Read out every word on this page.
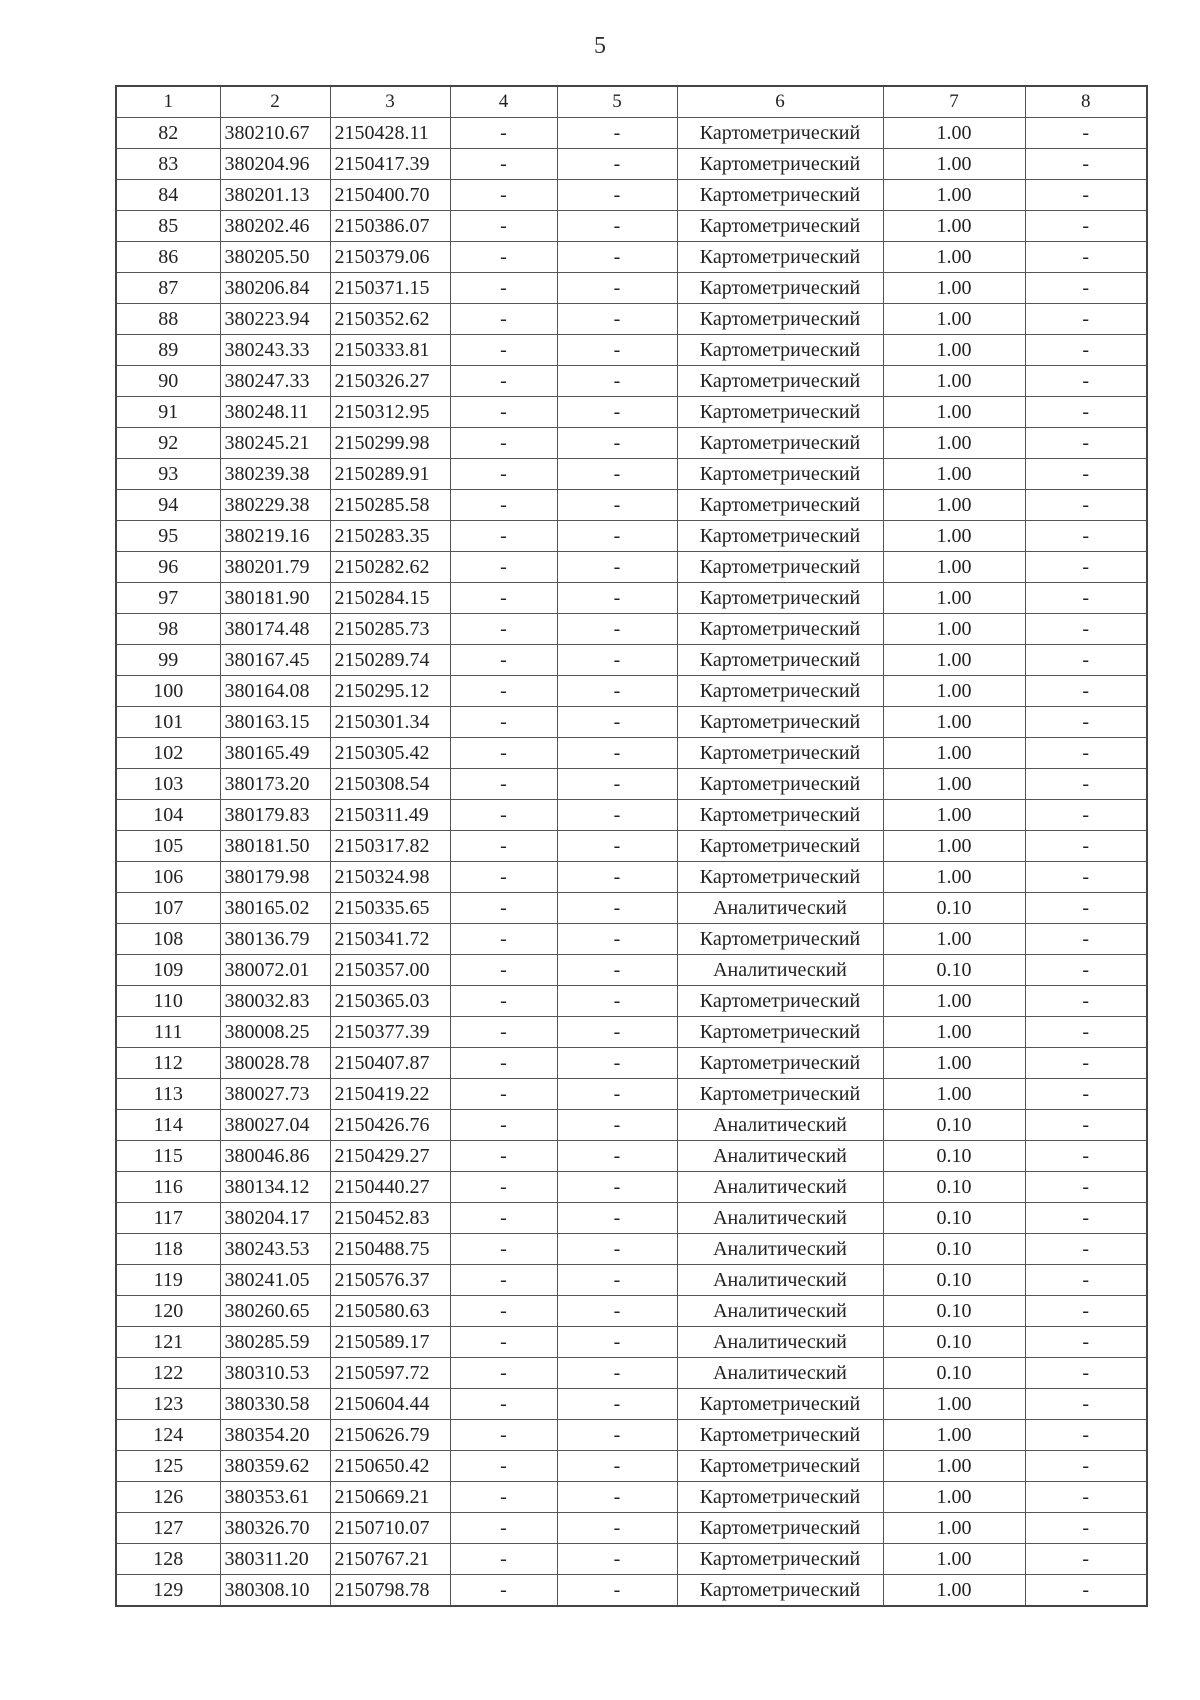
5
1	2	3	4	5	6	7	8
82	380210.67	2150428.11	-	-	Картометрический	1.00	-
83	380204.96	2150417.39	-	-	Картометрический	1.00	-
84	380201.13	2150400.70	-	-	Картометрический	1.00	-
85	380202.46	2150386.07	-	-	Картометрический	1.00	-
86	380205.50	2150379.06	-	-	Картометрический	1.00	-
87	380206.84	2150371.15	-	-	Картометрический	1.00	-
88	380223.94	2150352.62	-	-	Картометрический	1.00	-
89	380243.33	2150333.81	-	-	Картометрический	1.00	-
90	380247.33	2150326.27	-	-	Картометрический	1.00	-
91	380248.11	2150312.95	-	-	Картометрический	1.00	-
92	380245.21	2150299.98	-	-	Картометрический	1.00	-
93	380239.38	2150289.91	-	-	Картометрический	1.00	-
94	380229.38	2150285.58	-	-	Картометрический	1.00	-
95	380219.16	2150283.35	-	-	Картометрический	1.00	-
96	380201.79	2150282.62	-	-	Картометрический	1.00	-
97	380181.90	2150284.15	-	-	Картометрический	1.00	-
98	380174.48	2150285.73	-	-	Картометрический	1.00	-
99	380167.45	2150289.74	-	-	Картометрический	1.00	-
100	380164.08	2150295.12	-	-	Картометрический	1.00	-
101	380163.15	2150301.34	-	-	Картометрический	1.00	-
102	380165.49	2150305.42	-	-	Картометрический	1.00	-
103	380173.20	2150308.54	-	-	Картометрический	1.00	-
104	380179.83	2150311.49	-	-	Картометрический	1.00	-
105	380181.50	2150317.82	-	-	Картометрический	1.00	-
106	380179.98	2150324.98	-	-	Картометрический	1.00	-
107	380165.02	2150335.65	-	-	Аналитический	0.10	-
108	380136.79	2150341.72	-	-	Картометрический	1.00	-
109	380072.01	2150357.00	-	-	Аналитический	0.10	-
110	380032.83	2150365.03	-	-	Картометрический	1.00	-
111	380008.25	2150377.39	-	-	Картометрический	1.00	-
112	380028.78	2150407.87	-	-	Картометрический	1.00	-
113	380027.73	2150419.22	-	-	Картометрический	1.00	-
114	380027.04	2150426.76	-	-	Аналитический	0.10	-
115	380046.86	2150429.27	-	-	Аналитический	0.10	-
116	380134.12	2150440.27	-	-	Аналитический	0.10	-
117	380204.17	2150452.83	-	-	Аналитический	0.10	-
118	380243.53	2150488.75	-	-	Аналитический	0.10	-
119	380241.05	2150576.37	-	-	Аналитический	0.10	-
120	380260.65	2150580.63	-	-	Аналитический	0.10	-
121	380285.59	2150589.17	-	-	Аналитический	0.10	-
122	380310.53	2150597.72	-	-	Аналитический	0.10	-
123	380330.58	2150604.44	-	-	Картометрический	1.00	-
124	380354.20	2150626.79	-	-	Картометрический	1.00	-
125	380359.62	2150650.42	-	-	Картометрический	1.00	-
126	380353.61	2150669.21	-	-	Картометрический	1.00	-
127	380326.70	2150710.07	-	-	Картометрический	1.00	-
128	380311.20	2150767.21	-	-	Картометрический	1.00	-
129	380308.10	2150798.78	-	-	Картометрический	1.00	-
